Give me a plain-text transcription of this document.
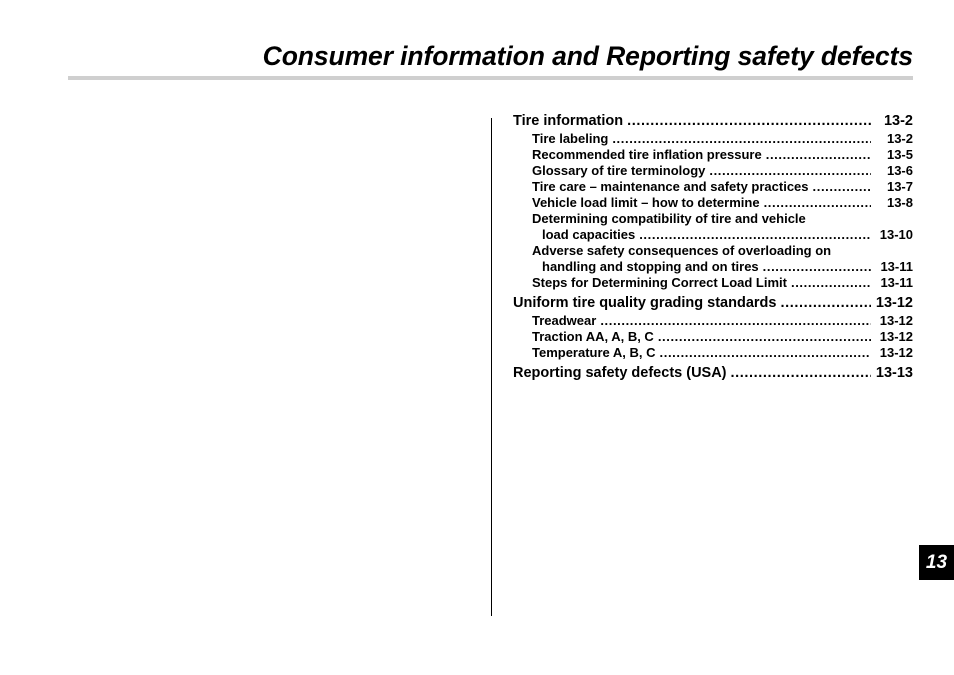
Consumer information and Reporting safety defects
Tire information .....	13-2
Tire labeling .....	13-2
Recommended tire inflation pressure .....	13-5
Glossary of tire terminology .....	13-6
Tire care – maintenance and safety practices .....	13-7
Vehicle load limit – how to determine .....	13-8
Determining compatibility of tire and vehicle
load capacities .....	13-10
Adverse safety consequences of overloading on
handling and stopping and on tires .....	13-11
Steps for Determining Correct Load Limit .....	13-11
Uniform tire quality grading standards .....	13-12
Treadwear .....	13-12
Traction AA, A, B, C .....	13-12
Temperature A, B, C .....	13-12
Reporting safety defects (USA) .....	13-13
13
